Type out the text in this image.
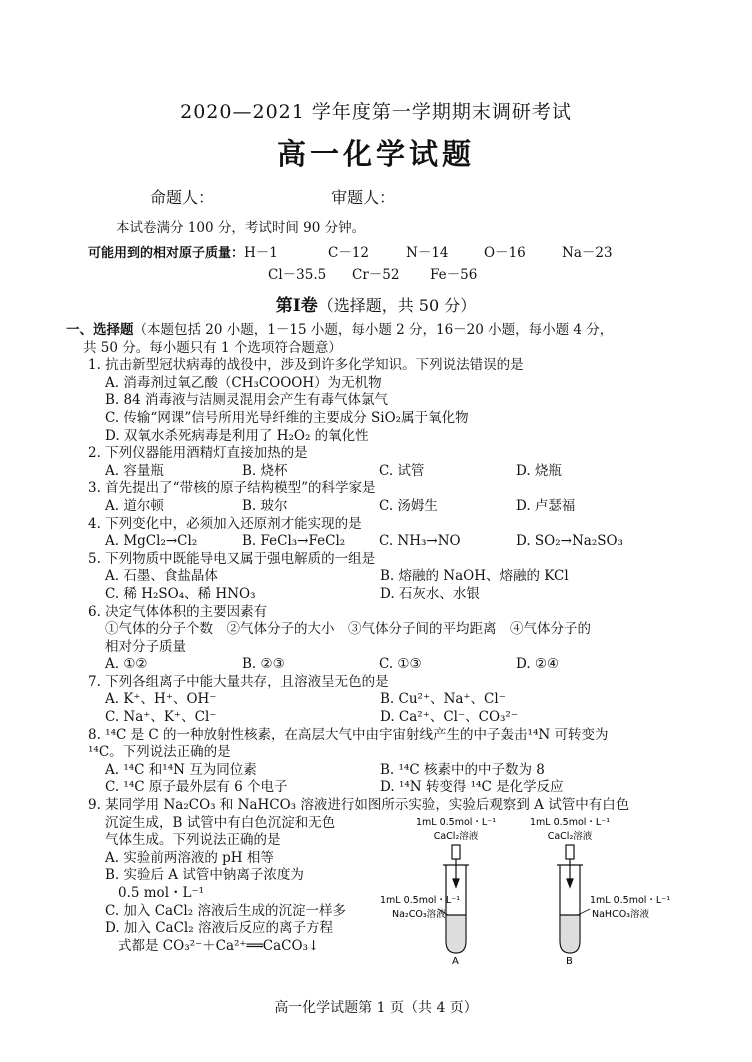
2020—2021 学年度第一学期期末调研考试
高一化学试题
命题人：	审题人：
本试卷满分 100 分，考试时间 90 分钟。
可能用到的相对原子质量：H－1	C－12	N－14	O－16	Na－23
Cl－35.5 Cr－52 Fe－56
第Ⅰ卷（选择题，共 50 分）
一、选择题（本题包括 20 小题，1－15 小题，每小题 2 分，16－20 小题，每小题 4 分，
共 50 分。每小题只有 1 个选项符合题意）
1. 抗击新型冠状病毒的战役中，涉及到许多化学知识。下列说法错误的是
A. 消毒剂过氧乙酸（CH₃COOOH）为无机物
B. 84 消毒液与洁厕灵混用会产生有毒气体氯气
C. 传输“网课”信号所用光导纤维的主要成分 SiO₂属于氧化物
D. 双氧水杀死病毒是利用了 H₂O₂ 的氧化性
2. 下列仪器能用酒精灯直接加热的是
A. 容量瓶	B. 烧杯	C. 试管	D. 烧瓶
3. 首先提出了“带核的原子结构模型”的科学家是
A. 道尔顿	B. 玻尔	C. 汤姆生	D. 卢瑟福
4. 下列变化中，必须加入还原剂才能实现的是
A. MgCl₂→Cl₂	B. FeCl₃→FeCl₂	C. NH₃→NO	D. SO₂→Na₂SO₃
5. 下列物质中既能导电又属于强电解质的一组是
A. 石墨、食盐晶体	B. 熔融的 NaOH、熔融的 KCl
C. 稀 H₂SO₄、稀 HNO₃	D. 石灰水、水银
6. 决定气体体积的主要因素有
①气体的分子个数　②气体分子的大小　③气体分子间的平均距离　④气体分子的
相对分子质量
A. ①②	B. ②③	C. ①③	D. ②④
7. 下列各组离子中能大量共存，且溶液呈无色的是
A. K⁺、H⁺、OH⁻	B. Cu²⁺、Na⁺、Cl⁻
C. Na⁺、K⁺、Cl⁻	D. Ca²⁺、Cl⁻、CO₃²⁻
8. ¹⁴C 是 C 的一种放射性核素，在高层大气中由宇宙射线产生的中子轰击¹⁴N 可转变为
¹⁴C。下列说法正确的是
A. ¹⁴C 和¹⁴N 互为同位素	B. ¹⁴C 核素中的中子数为 8
C. ¹⁴C 原子最外层有 6 个电子	D. ¹⁴N 转变得 ¹⁴C 是化学反应
9. 某同学用 Na₂CO₃ 和 NaHCO₃ 溶液进行如图所示实验，实验后观察到 A 试管中有白色
沉淀生成，B 试管中有白色沉淀和无色
气体生成。下列说法正确的是
A. 实验前两溶液的 pH 相等
B. 实验后 A 试管中钠离子浓度为
0.5 mol・L⁻¹
C. 加入 CaCl₂ 溶液后生成的沉淀一样多
D. 加入 CaCl₂ 溶液后反应的离子方程
式都是 CO₃²⁻＋Ca²⁺══CaCO₃↓
1mL 0.5mol・L⁻¹
CaCl₂溶液
1mL 0.5mol・L⁻¹
CaCl₂溶液
1mL 0.5mol・L⁻¹
Na₂CO₃溶液
A
1mL 0.5mol・L⁻¹
NaHCO₃溶液
B
高一化学试题第 1 页（共 4 页）
